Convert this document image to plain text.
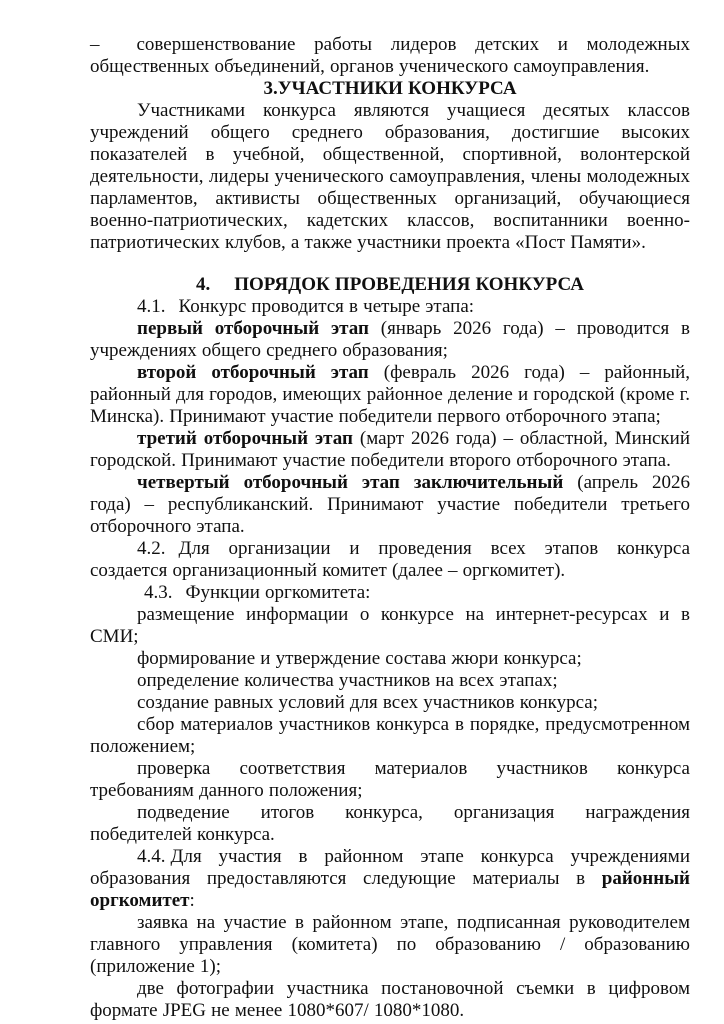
– совершенствование работы лидеров детских и молодежных общественных объединений, органов ученического самоуправления.

3.УЧАСТНИКИ КОНКУРСА

Участниками конкурса являются учащиеся десятых классов учреждений общего среднего образования, достигшие высоких показателей в учебной, общественной, спортивной, волонтерской деятельности, лидеры ученического самоуправления, члены молодежных парламентов, активисты общественных организаций, обучающиеся военно-патриотических, кадетских классов, воспитанники военно-патриотических клубов, а также участники проекта «Пост Памяти».

4. ПОРЯДОК ПРОВЕДЕНИЯ КОНКУРСА

4.1. Конкурс проводится в четыре этапа:

первый отборочный этап (январь 2026 года) – проводится в учреждениях общего среднего образования;

второй отборочный этап (февраль 2026 года) – районный, районный для городов, имеющих районное деление и городской (кроме г. Минска). Принимают участие победители первого отборочного этапа;

третий отборочный этап (март 2026 года) – областной, Минский городской. Принимают участие победители второго отборочного этапа.

четвертый отборочный этап заключительный (апрель 2026 года) – республиканский. Принимают участие победители третьего отборочного этапа.

4.2. Для организации и проведения всех этапов конкурса создается организационный комитет (далее – оргкомитет).

4.3. Функции оргкомитета:

размещение информации о конкурсе на интернет-ресурсах и в СМИ;

формирование и утверждение состава жюри конкурса;

определение количества участников на всех этапах;

создание равных условий для всех участников конкурса;

сбор материалов участников конкурса в порядке, предусмотренном положением;

проверка соответствия материалов участников конкурса требованиям данного положения;

подведение итогов конкурса, организация награждения победителей конкурса.

4.4. Для участия в районном этапе конкурса учреждениями образования предоставляются следующие материалы в районный оргкомитет:

заявка на участие в районном этапе, подписанная руководителем главного управления (комитета) по образованию / образованию (приложение 1);

две фотографии участника постановочной съемки в цифровом формате JPEG не менее 1080*607/ 1080*1080.
